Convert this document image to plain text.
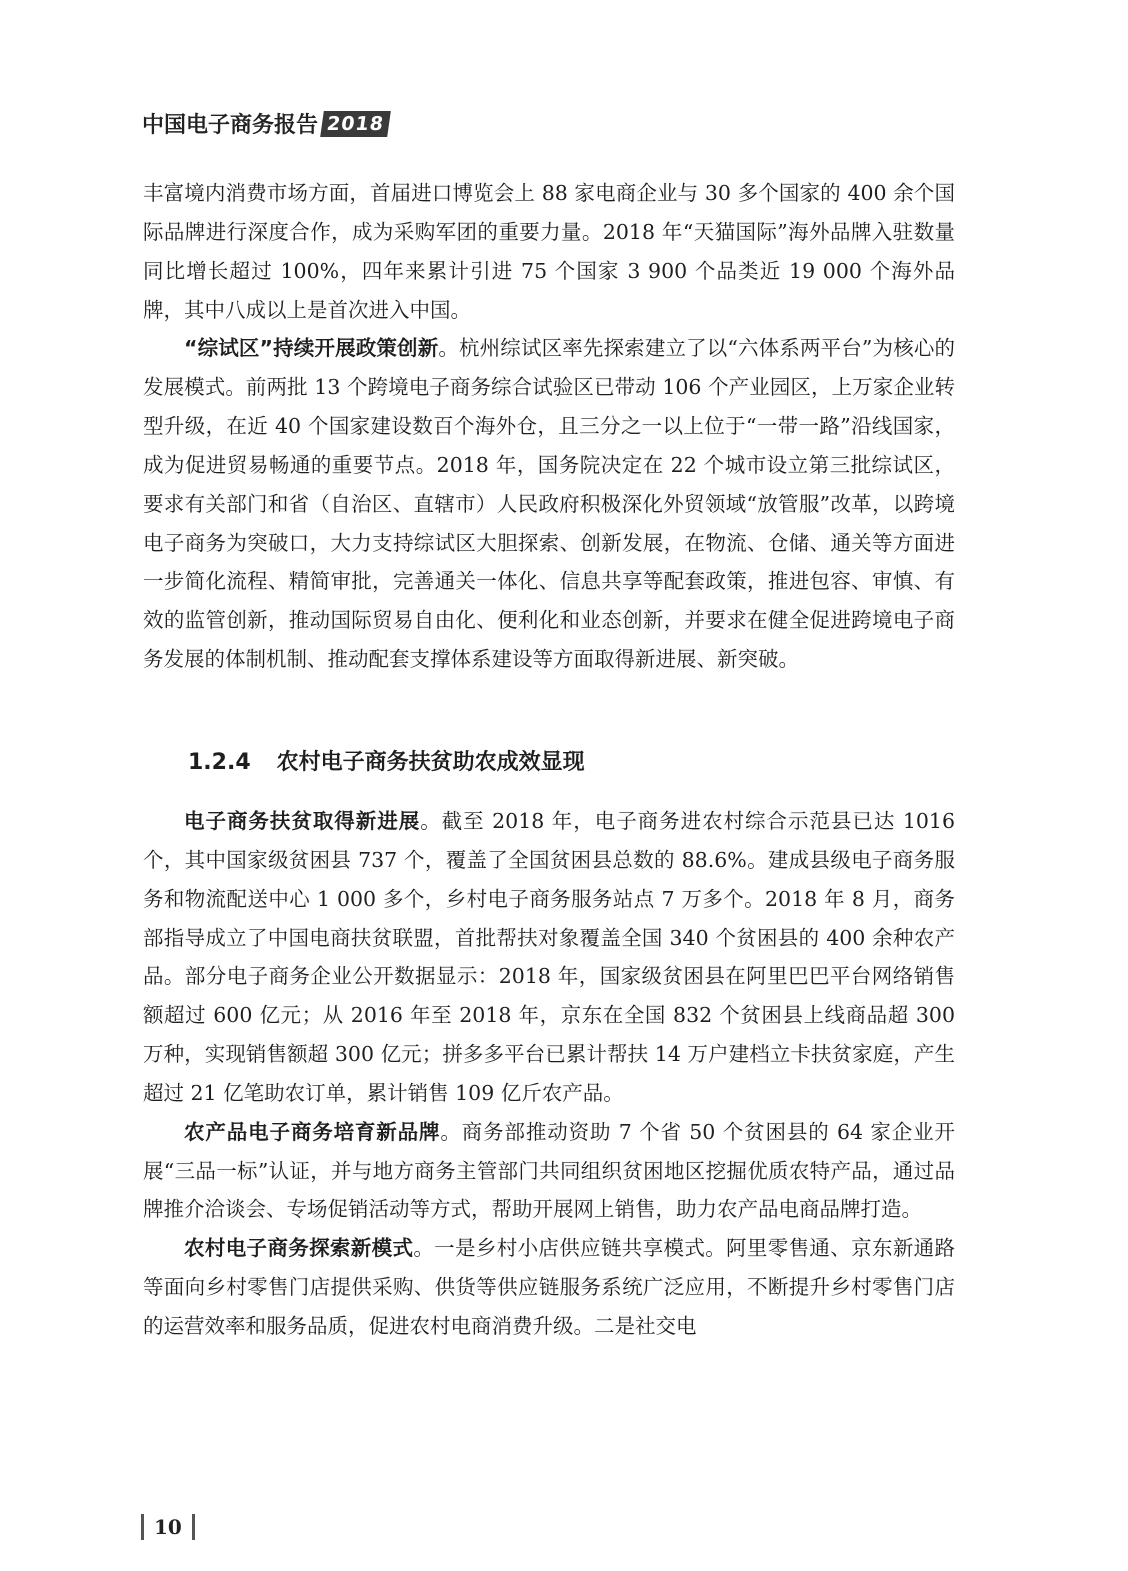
中国电子商务报告 2018

丰富境内消费市场方面，首届进口博览会上 88 家电商企业与 30 多个国家的 400 余个国际品牌进行深度合作，成为采购军团的重要力量。2018 年“天猫国际”海外品牌入驻数量同比增长超过 100%，四年来累计引进 75 个国家 3 900 个品类近 19 000 个海外品牌，其中八成以上是首次进入中国。

“综试区”持续开展政策创新。杭州综试区率先探索建立了以“六体系两平台”为核心的发展模式。前两批 13 个跨境电子商务综合试验区已带动 106 个产业园区，上万家企业转型升级，在近 40 个国家建设数百个海外仓，且三分之一以上位于“一带一路”沿线国家，成为促进贸易畅通的重要节点。2018 年，国务院决定在 22 个城市设立第三批综试区，要求有关部门和省（自治区、直辖市）人民政府积极深化外贸领域“放管服”改革，以跨境电子商务为突破口，大力支持综试区大胆探索、创新发展，在物流、仓储、通关等方面进一步简化流程、精简审批，完善通关一体化、信息共享等配套政策，推进包容、审慎、有效的监管创新，推动国际贸易自由化、便利化和业态创新，并要求在健全促进跨境电子商务发展的体制机制、推动配套支撑体系建设等方面取得新进展、新突破。

1.2.4 农村电子商务扶贫助农成效显现

电子商务扶贫取得新进展。截至 2018 年，电子商务进农村综合示范县已达 1016 个，其中国家级贫困县 737 个，覆盖了全国贫困县总数的 88.6%。建成县级电子商务服务和物流配送中心 1 000 多个，乡村电子商务服务站点 7 万多个。2018 年 8 月，商务部指导成立了中国电商扶贫联盟，首批帮扶对象覆盖全国 340 个贫困县的 400 余种农产品。部分电子商务企业公开数据显示：2018 年，国家级贫困县在阿里巴巴平台网络销售额超过 600 亿元；从 2016 年至 2018 年，京东在全国 832 个贫困县上线商品超 300 万种，实现销售额超 300 亿元；拼多多平台已累计帮扶 14 万户建档立卡扶贫家庭，产生超过 21 亿笔助农订单，累计销售 109 亿斤农产品。

农产品电子商务培育新品牌。商务部推动资助 7 个省 50 个贫困县的 64 家企业开展“三品一标”认证，并与地方商务主管部门共同组织贫困地区挖掘优质农特产品，通过品牌推介洽谈会、专场促销活动等方式，帮助开展网上销售，助力农产品电商品牌打造。

农村电子商务探索新模式。一是乡村小店供应链共享模式。阿里零售通、京东新通路等面向乡村零售门店提供采购、供货等供应链服务系统广泛应用，不断提升乡村零售门店的运营效率和服务品质，促进农村电商消费升级。二是社交电

10
